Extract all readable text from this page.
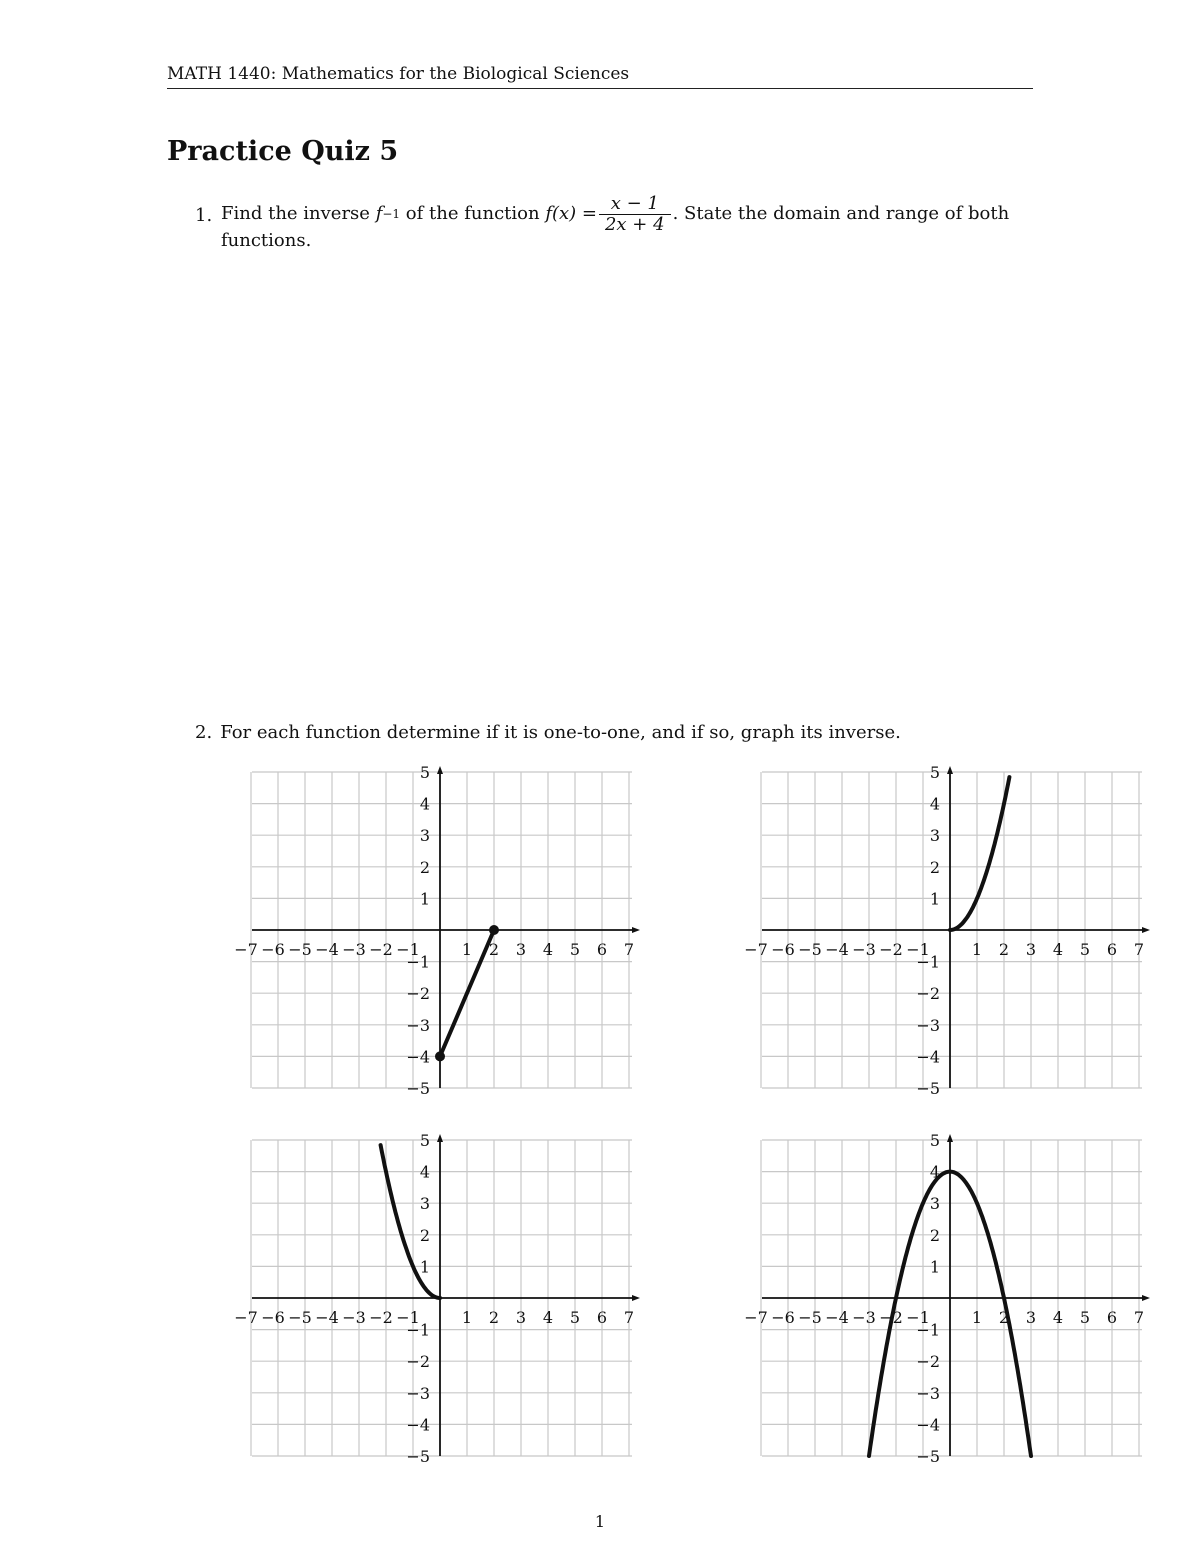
MATH 1440: Mathematics for the Biological Sciences
Practice Quiz 5
1. Find the inverse
f −1
of the function
$f(x) = \frac{x - 1}{2x + 4}$ . State the domain and range of both
functions.
2. For each function determine if it is one-to-one, and if so, graph its inverse.
−7 −6 −5 −4 −3 −2 −1	1 2 3 4 5 6 7
5
4
3
2
1
−1
−2
−3
−4
−5
−7 −6 −5 −4 −3 −2 −1	1 2 3 4 5 6 7
5
4
3
2
1
−1
−2
−3
−4
−5
−7 −6 −5 −4 −3 −2 −1	1 2 3 4 5 6 7
5
4
3
2
1
−1
−2
−3
−4
−5
−7 −6 −5 −4 −3 −2 −1	1 2 3 4 5 6 7
5
4
3
2
1
−1
−2
−3
−4
−5
1
